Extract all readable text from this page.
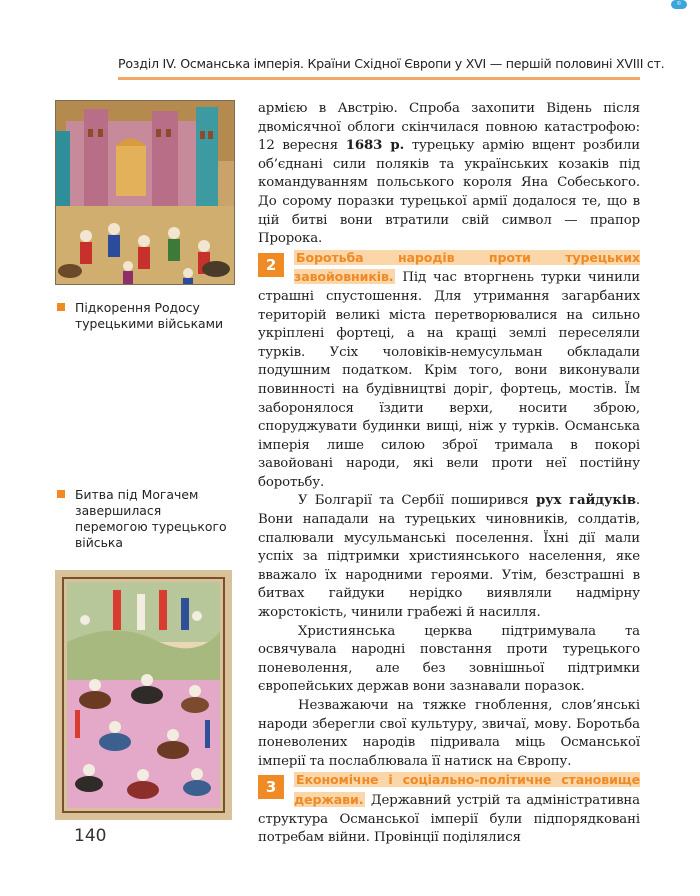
©
Розділ IV. Османська імперія. Країни Східної Європи у XVI — першій половині XVIII ст.
Підкорення Родосу турецькими військами
Битва під Могачем завершилася перемогою турецького війська

армією в Австрію. Спроба захопити Відень після двомісячної облоги скінчилася повною катастрофою: 12 вересня 1683 р. турецьку армію вщент розбили об’єднані сили поляків та українських козаків під командуванням польського короля Яна Собеського. До сорому поразки турецької армії додалося те, що в цій битві вони втратили свій символ — прапор Пророка.

2	Боротьба народів проти турецьких завойовників. Під час вторгнень турки чинили страшні спустошення. Для утримання загарбаних територій великі міста перетворювалися на сильно укріплені фортеці, а на кращі землі переселяли турків. Усіх чоловіків-немусульман обкладали подушним податком. Крім того, вони виконували повинності на будівництві доріг, фортець, мостів. Їм заборонялося їздити верхи, носити зброю, споруджувати будинки вищі, ніж у турків. Османська імперія лише силою зброї тримала в покорі завойовані народи, які вели проти неї постійну боротьбу.

У Болгарії та Сербії поширився рух гайдуків. Вони нападали на турецьких чиновників, солдатів, спалювали мусульманські поселення. Їхні дії мали успіх за підтримки християнського населення, яке вважало їх народними героями. Утім, безстрашні в битвах гайдуки нерідко виявляли надмірну жорстокість, чинили грабежі й насилля.

Християнська церква підтримувала та освячувала народні повстання проти турецького поневолення, але без зовнішньої підтримки європейських держав вони зазнавали поразок.

Незважаючи на тяжке гноблення, слов’янські народи зберегли свої культуру, звичаї, мову. Боротьба поневолених народів підривала міць Османської імперії та послаблювала її натиск на Європу.

3	Економічне і соціально-політичне становище держави. Державний устрій та адміністративна структура Османської імперії були підпорядковані потребам війни. Провінції поділялися

140
